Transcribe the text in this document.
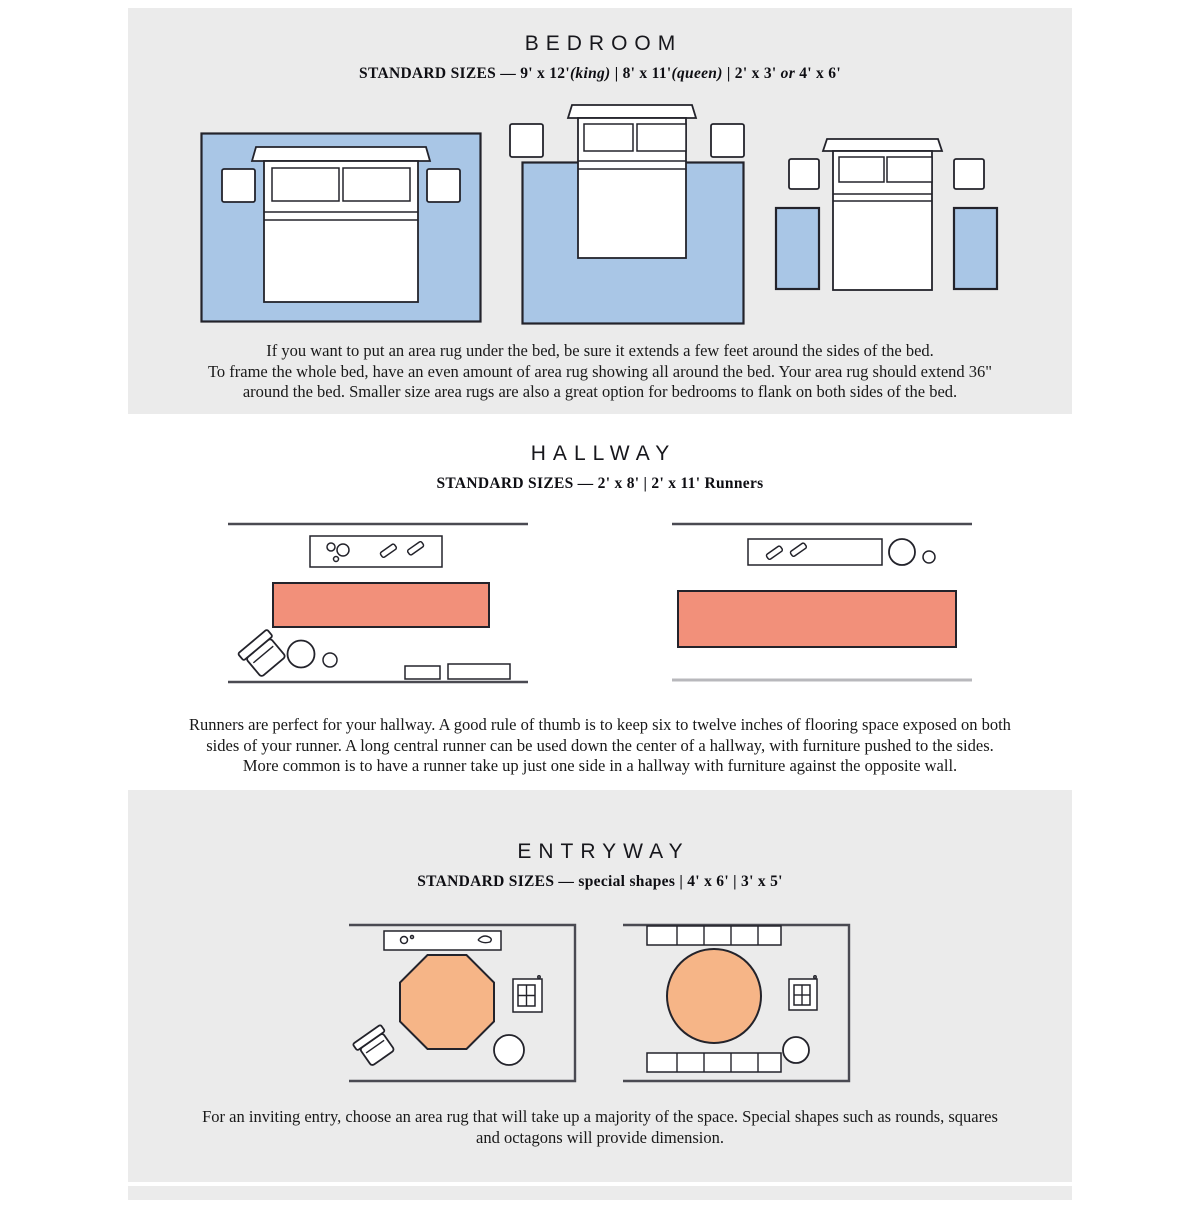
BEDROOM
STANDARD SIZES — 9' x 12'(king) | 8' x 11'(queen) | 2' x 3' or 4' x 6'
If you want to put an area rug under the bed, be sure it extends a few feet around the sides of the bed.
To frame the whole bed, have an even amount of area rug showing all around the bed. Your area rug should extend 36"
around the bed. Smaller size area rugs are also a great option for bedrooms to flank on both sides of the bed.
HALLWAY
STANDARD SIZES — 2' x 8' | 2' x 11' Runners
Runners are perfect for your hallway. A good rule of thumb is to keep six to twelve inches of flooring space exposed on both
sides of your runner. A long central runner can be used down the center of a hallway, with furniture pushed to the sides.
More common is to have a runner take up just one side in a hallway with furniture against the opposite wall.
ENTRYWAY
STANDARD SIZES — special shapes | 4' x 6' | 3' x 5'
For an inviting entry, choose an area rug that will take up a majority of the space. Special shapes such as rounds, squares
and octagons will provide dimension.
